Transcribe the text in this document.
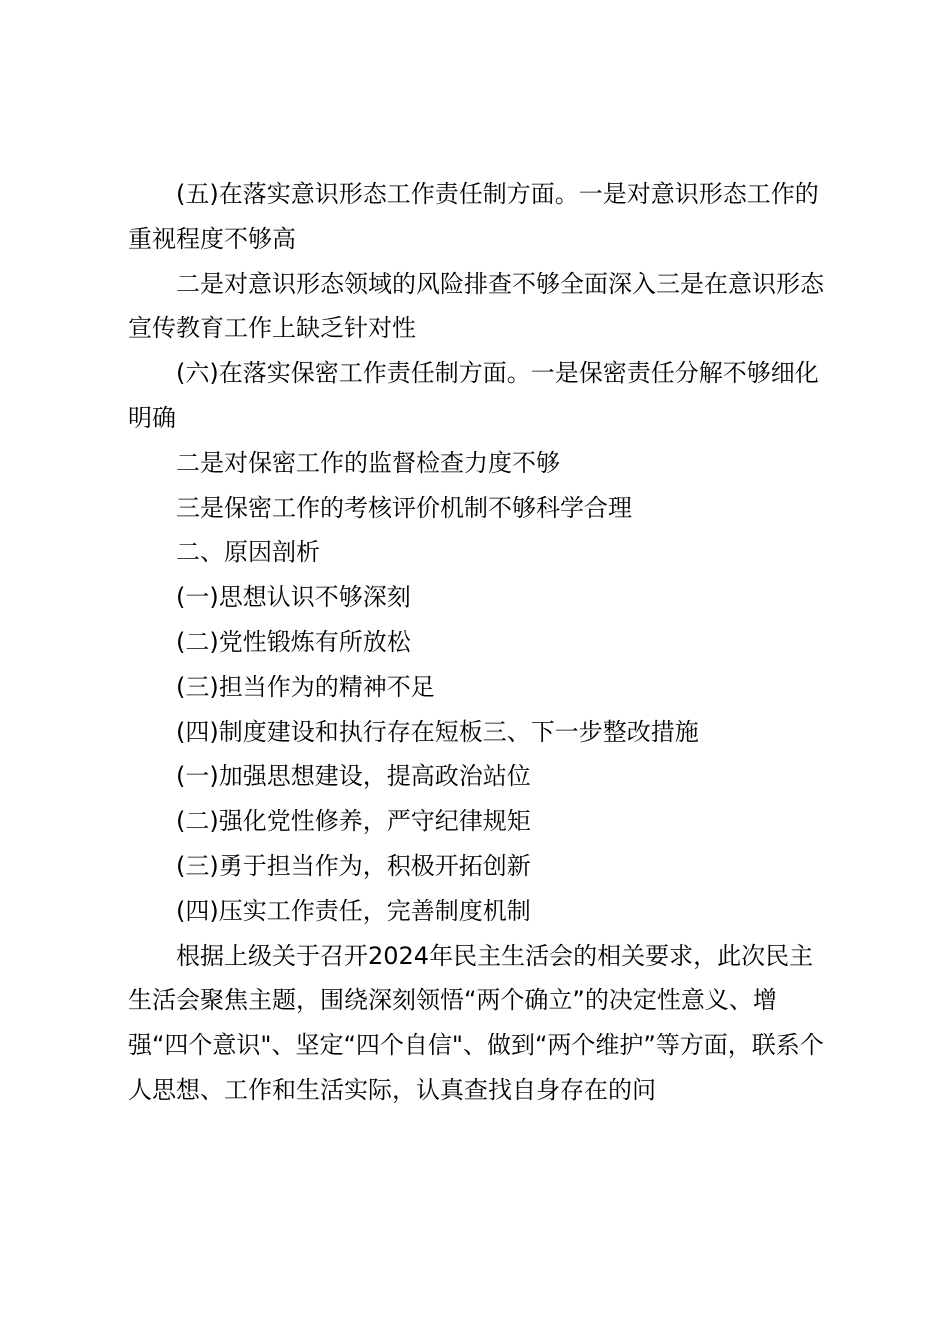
(五)在落实意识形态工作责任制方面。一是对意识形态工作的重视程度不够高

二是对意识形态领域的风险排查不够全面深入三是在意识形态宣传教育工作上缺乏针对性

(六)在落实保密工作责任制方面。一是保密责任分解不够细化明确

二是对保密工作的监督检查力度不够

三是保密工作的考核评价机制不够科学合理

二、原因剖析

(一)思想认识不够深刻

(二)党性锻炼有所放松

(三)担当作为的精神不足

(四)制度建设和执行存在短板三、下一步整改措施

(一)加强思想建设，提高政治站位

(二)强化党性修养，严守纪律规矩

(三)勇于担当作为，积极开拓创新

(四)压实工作责任，完善制度机制

根据上级关于召开2024年民主生活会的相关要求，此次民主生活会聚焦主题，围绕深刻领悟“两个确立”的决定性意义、增强“四个意识"、坚定“四个自信"、做到“两个维护”等方面，联系个人思想、工作和生活实际，认真查找自身存在的问
